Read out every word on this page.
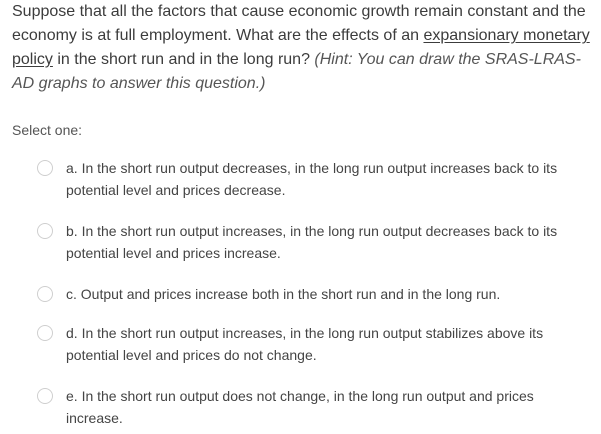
Suppose that all the factors that cause economic growth remain constant and the economy is at full employment. What are the effects of an expansionary monetary policy in the short run and in the long run? (Hint: You can draw the SRAS-LRAS-AD graphs to answer this question.)
Select one:
a. In the short run output decreases, in the long run output increases back to its potential level and prices decrease.
b. In the short run output increases, in the long run output decreases back to its potential level and prices increase.
c. Output and prices increase both in the short run and in the long run.
d. In the short run output increases, in the long run output stabilizes above its potential level and prices do not change.
e. In the short run output does not change, in the long run output and prices increase.
